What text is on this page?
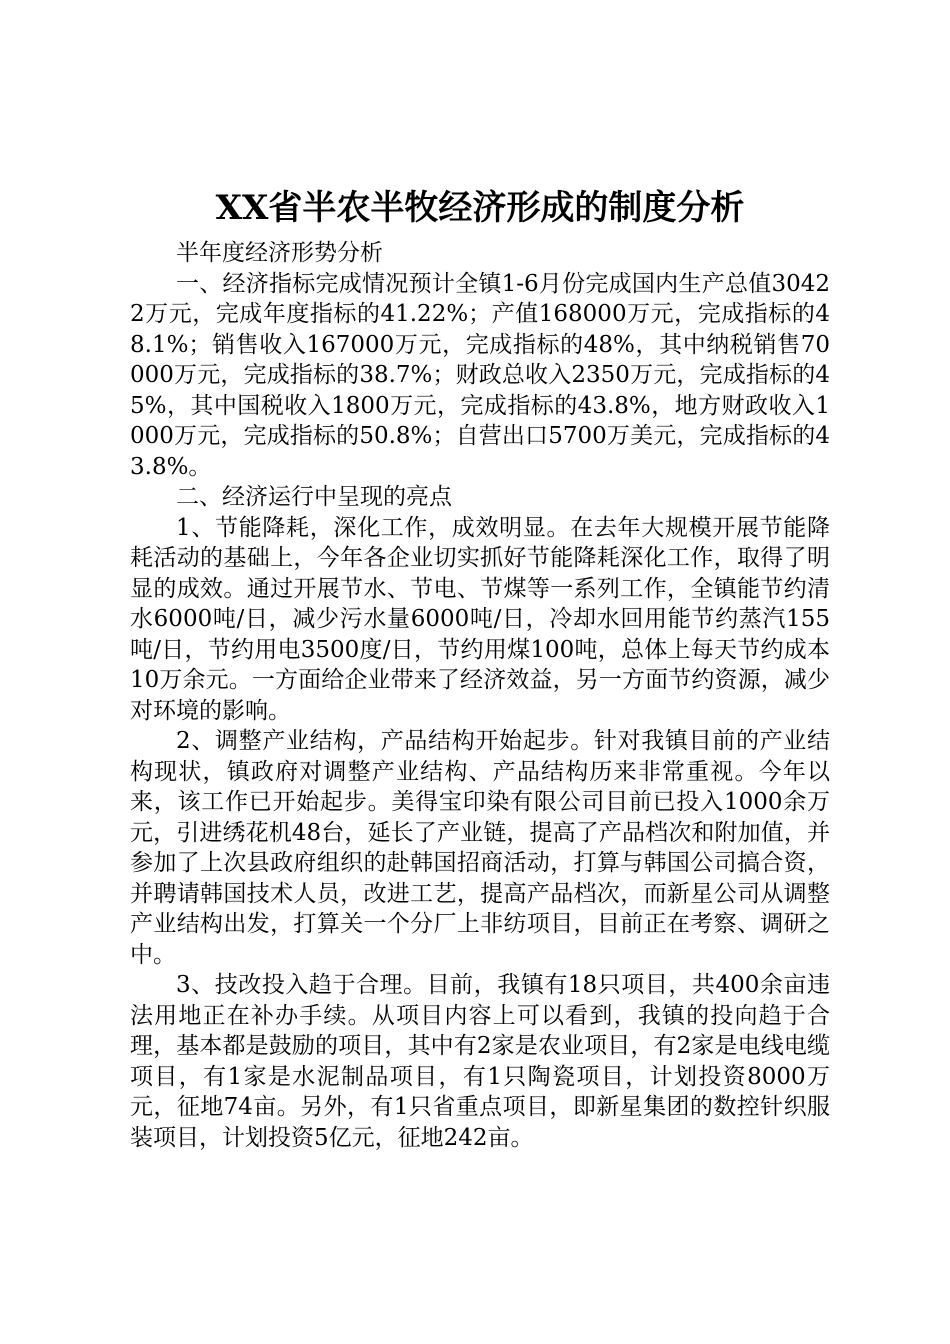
XX省半农半牧经济形成的制度分析

半年度经济形势分析

一、经济指标完成情况预计全镇1-6月份完成国内生产总值30422万元，完成年度指标的41.22%；产值168000万元，完成指标的48.1%；销售收入167000万元，完成指标的48%，其中纳税销售70000万元，完成指标的38.7%；财政总收入2350万元，完成指标的45%，其中国税收入1800万元，完成指标的43.8%，地方财政收入1000万元，完成指标的50.8%；自营出口5700万美元，完成指标的43.8%。

二、经济运行中呈现的亮点

1、节能降耗，深化工作，成效明显。在去年大规模开展节能降耗活动的基础上，今年各企业切实抓好节能降耗深化工作，取得了明显的成效。通过开展节水、节电、节煤等一系列工作，全镇能节约清水6000吨/日，减少污水量6000吨/日，冷却水回用能节约蒸汽155吨/日，节约用电3500度/日，节约用煤100吨，总体上每天节约成本10万余元。一方面给企业带来了经济效益，另一方面节约资源，减少对环境的影响。

2、调整产业结构，产品结构开始起步。针对我镇目前的产业结构现状，镇政府对调整产业结构、产品结构历来非常重视。今年以来，该工作已开始起步。美得宝印染有限公司目前已投入1000余万元，引进绣花机48台，延长了产业链，提高了产品档次和附加值，并参加了上次县政府组织的赴韩国招商活动，打算与韩国公司搞合资，并聘请韩国技术人员，改进工艺，提高产品档次，而新星公司从调整产业结构出发，打算关一个分厂上非纺项目，目前正在考察、调研之中。

3、技改投入趋于合理。目前，我镇有18只项目，共400余亩违法用地正在补办手续。从项目内容上可以看到，我镇的投向趋于合理，基本都是鼓励的项目，其中有2家是农业项目，有2家是电线电缆项目，有1家是水泥制品项目，有1只陶瓷项目，计划投资8000万元，征地74亩。另外，有1只省重点项目，即新星集团的数控针织服装项目，计划投资5亿元，征地242亩。
